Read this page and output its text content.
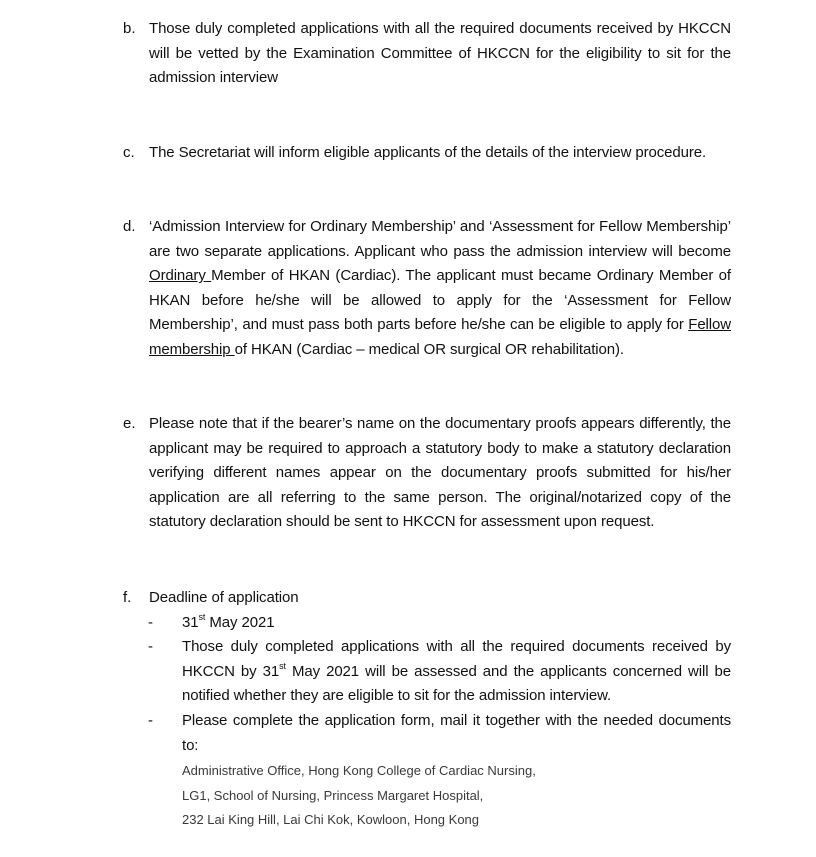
b. Those duly completed applications with all the required documents received by HKCCN will be vetted by the Examination Committee of HKCCN for the eligibility to sit for the admission interview

c. The Secretariat will inform eligible applicants of the details of the interview procedure.

d. ‘Admission Interview for Ordinary Membership’ and ‘Assessment for Fellow Membership’ are two separate applications. Applicant who pass the admission interview will become Ordinary Member of HKAN (Cardiac). The applicant must became Ordinary Member of HKAN before he/she will be allowed to apply for the ‘Assessment for Fellow Membership’, and must pass both parts before he/she can be eligible to apply for Fellow membership of HKAN (Cardiac – medical OR surgical OR rehabilitation).

e. Please note that if the bearer’s name on the documentary proofs appears differently, the applicant may be required to approach a statutory body to make a statutory declaration verifying different names appear on the documentary proofs submitted for his/her application are all referring to the same person. The original/notarized copy of the statutory declaration should be sent to HKCCN for assessment upon request.

f. Deadline of application

- 31st May 2021

- Those duly completed applications with all the required documents received by HKCCN by 31st May 2021 will be assessed and the applicants concerned will be notified whether they are eligible to sit for the admission interview.

- Please complete the application form, mail it together with the needed documents to:

Administrative Office, Hong Kong College of Cardiac Nursing,
LG1, School of Nursing, Princess Margaret Hospital,
232 Lai King Hill, Lai Chi Kok, Kowloon, Hong Kong
